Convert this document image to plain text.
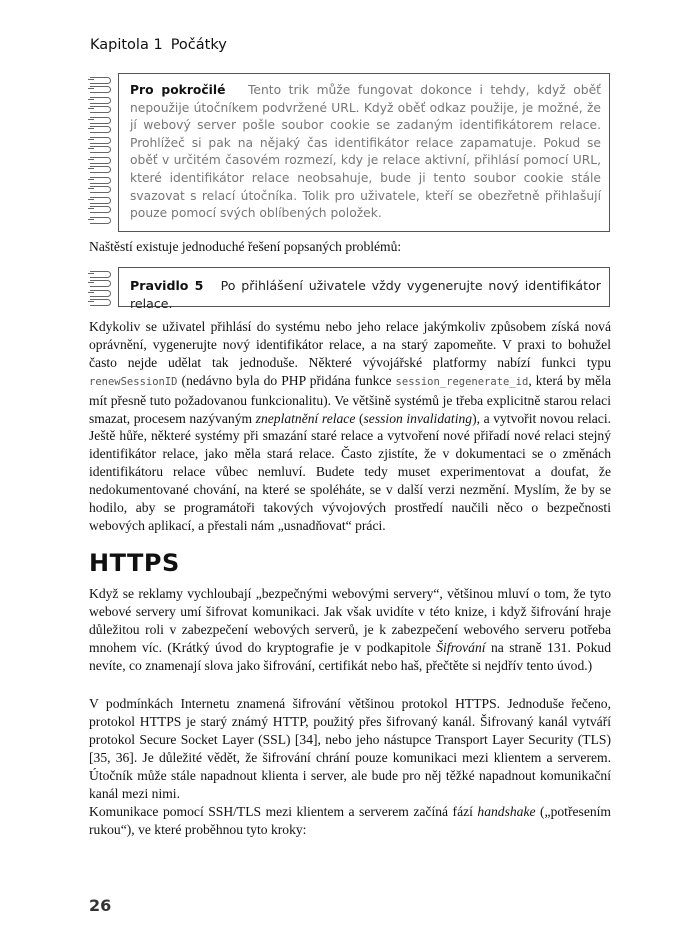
Kapitola 1 Počátky

Pro pokročilé Tento trik může fungovat dokonce i tehdy, když oběť nepoužije útočníkem podvržené URL. Když oběť odkaz použije, je možné, že jí webový server pošle soubor cookie se zadaným identifikátorem relace. Prohlížeč si pak na nějaký čas identifikátor relace zapamatuje. Pokud se oběť v určitém časovém rozmezí, kdy je relace aktivní, přihlásí pomocí URL, které identifikátor relace neobsahuje, bude ji tento soubor cookie stále svazovat s relací útočníka. Tolik pro uživatele, kteří se obezřetně přihlašují pouze pomocí svých oblíbených položek.

Naštěstí existuje jednoduché řešení popsaných problémů:

Pravidlo 5 Po přihlášení uživatele vždy vygenerujte nový identifikátor relace.

Kdykoliv se uživatel přihlásí do systému nebo jeho relace jakýmkoliv způsobem získá nová oprávnění, vygenerujte nový identifikátor relace, a na starý zapomeňte. V praxi to bohužel často nejde udělat tak jednoduše. Některé vývojářské platformy nabízí funkci typu renewSessionID (nedávno byla do PHP přidána funkce session_regenerate_id, která by měla mít přesně tuto požadovanou funkcionalitu). Ve většině systémů je třeba explicitně starou relaci smazat, procesem nazývaným zneplatnění relace (session invalidating), a vytvořit novou relaci. Ještě hůře, některé systémy při smazání staré relace a vytvoření nové přiřadí nové relaci stejný identifikátor relace, jako měla stará relace. Často zjistíte, že v dokumentaci se o změnách identifikátoru relace vůbec nemluví. Budete tedy muset experimentovat a doufat, že nedokumentované chování, na které se spoléháte, se v další verzi nezmění. Myslím, že by se hodilo, aby se programátoři takových vývojových prostředí naučili něco o bezpečnosti webových aplikací, a přestali nám „usnadňovat“ práci.

HTTPS

Když se reklamy vychloubají „bezpečnými webovými servery“, většinou mluví o tom, že tyto webové servery umí šifrovat komunikaci. Jak však uvidíte v této knize, i když šifrování hraje důležitou roli v zabezpečení webových serverů, je k zabezpečení webového serveru potřeba mnohem víc. (Krátký úvod do kryptografie je v podkapitole Šifrování na straně 131. Pokud nevíte, co znamenají slova jako šifrování, certifikát nebo haš, přečtěte si nejdřív tento úvod.)

V podmínkách Internetu znamená šifrování většinou protokol HTTPS. Jednoduše řečeno, protokol HTTPS je starý známý HTTP, použitý přes šifrovaný kanál. Šifrovaný kanál vytváří protokol Secure Socket Layer (SSL) [34], nebo jeho nástupce Transport Layer Security (TLS) [35, 36]. Je důležité vědět, že šifrování chrání pouze komunikaci mezi klientem a serverem. Útočník může stále napadnout klienta i server, ale bude pro něj těžké napadnout komunikační kanál mezi nimi.

Komunikace pomocí SSH/TLS mezi klientem a serverem začíná fází handshake („potřesením rukou“), ve které proběhnou tyto kroky:

26
